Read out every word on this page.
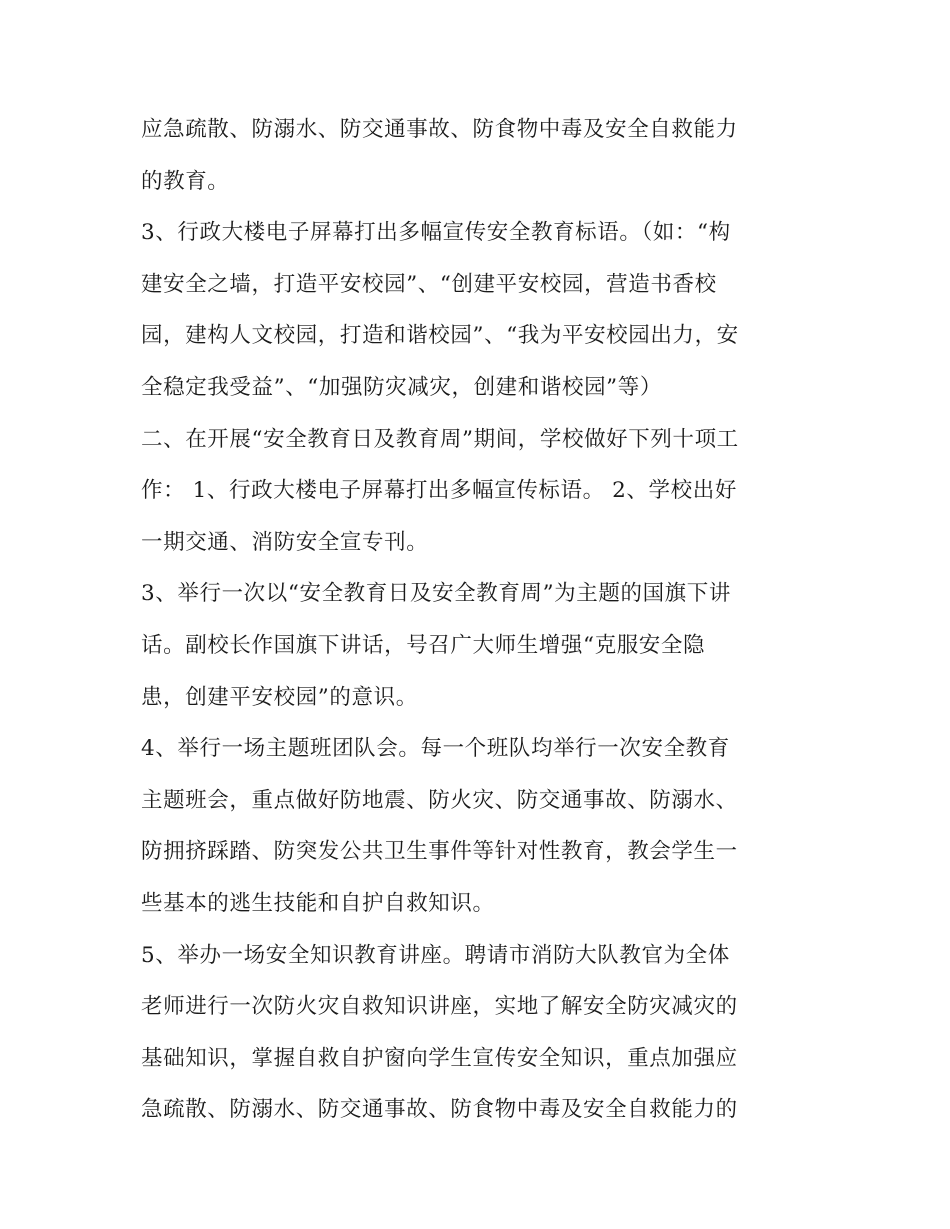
应急疏散、防溺水、防交通事故、防食物中毒及安全自救能力
的教育。
3、行政大楼电子屏幕打出多幅宣传安全教育标语。（如：“构
建安全之墙，打造平安校园”、“创建平安校园，营造书香校
园，建构人文校园，打造和谐校园”、“我为平安校园出力，安
全稳定我受益”、“加强防灾减灾，创建和谐校园”等）
二、在开展“安全教育日及教育周”期间，学校做好下列十项工
作： 1、行政大楼电子屏幕打出多幅宣传标语。 2、学校出好
一期交通、消防安全宣专刊。
3、举行一次以“安全教育日及安全教育周”为主题的国旗下讲
话。副校长作国旗下讲话，号召广大师生增强“克服安全隐
患，创建平安校园”的意识。
4、举行一场主题班团队会。每一个班队均举行一次安全教育
主题班会，重点做好防地震、防火灾、防交通事故、防溺水、
防拥挤踩踏、防突发公共卫生事件等针对性教育，教会学生一
些基本的逃生技能和自护自救知识。
5、举办一场安全知识教育讲座。聘请市消防大队教官为全体
老师进行一次防火灾自救知识讲座，实地了解安全防灾减灾的
基础知识，掌握自救自护窗向学生宣传安全知识，重点加强应
急疏散、防溺水、防交通事故、防食物中毒及安全自救能力的
